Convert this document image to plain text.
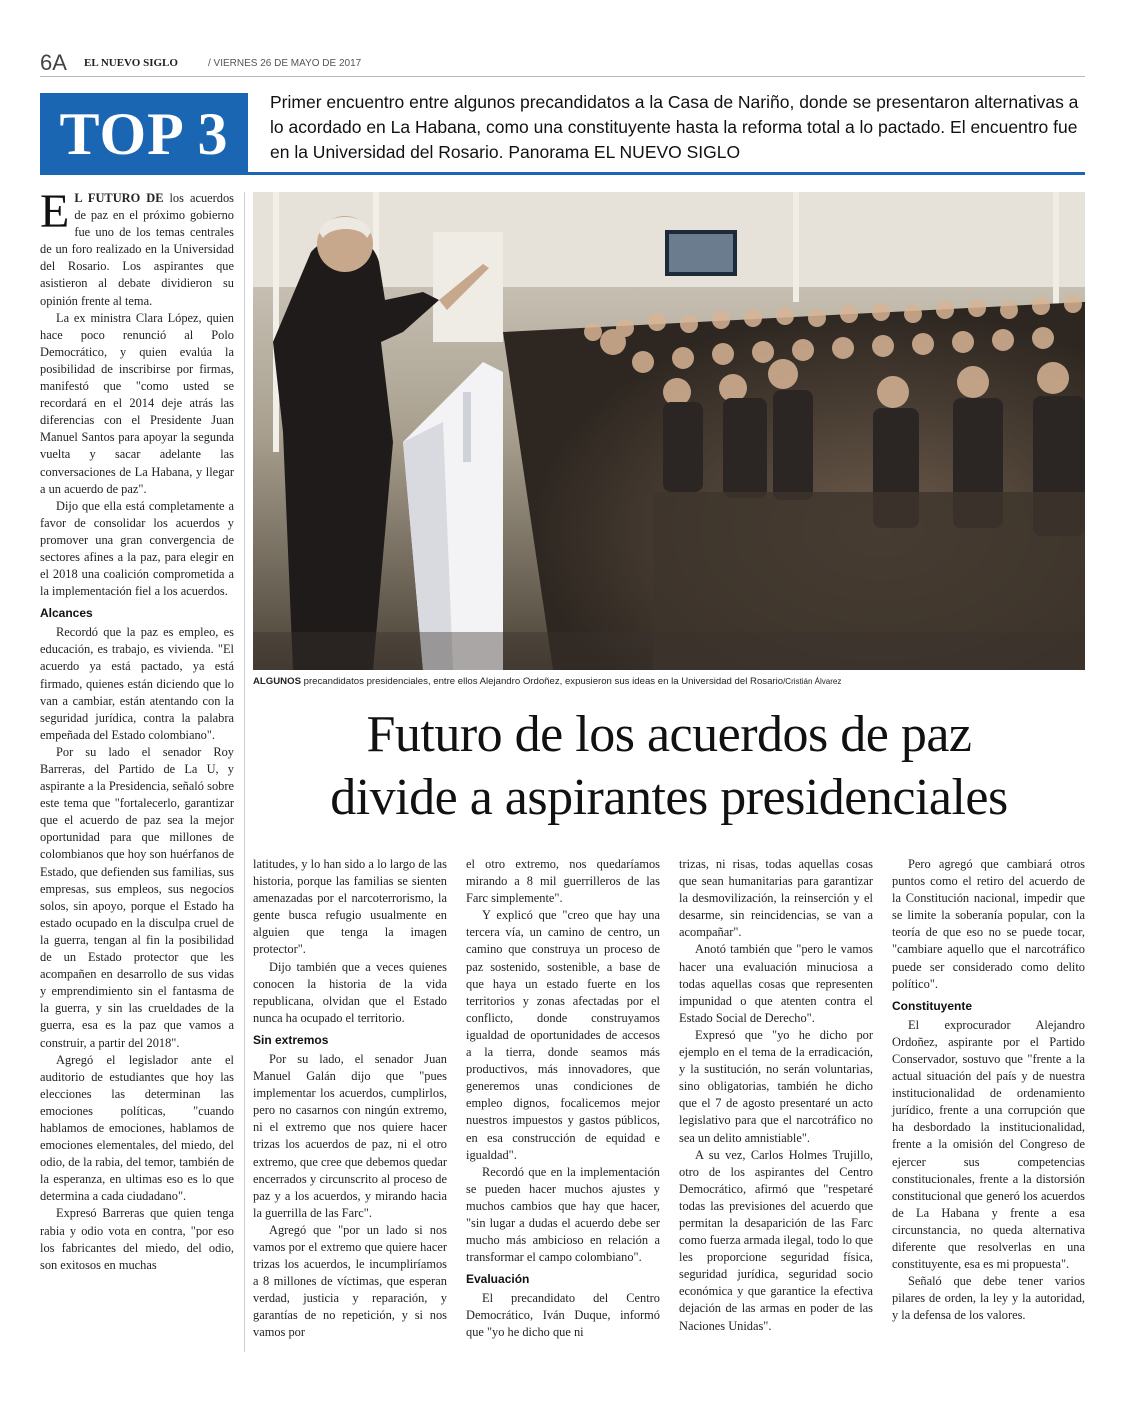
6A EL NUEVO SIGLO	/ VIERNES 26 DE MAYO DE 2017
TOP 3	Primer encuentro entre algunos precandidatos a la Casa de Nariño, donde se presentaron alternativas a lo acordado en La Habana, como una constituyente hasta la reforma total a lo pactado. El encuentro fue en la Universidad del Rosario. Panorama EL NUEVO SIGLO
ALGUNOS precandidatos presidenciales, entre ellos Alejandro Ordoñez, expusieron sus ideas en la Universidad del Rosario/Cristián Álvarez
Futuro de los acuerdos de paz
divide a aspirantes presidenciales

E L FUTURO DE los acuerdos de paz en el próximo gobierno fue uno de los temas centrales de un foro realizado en la Universidad del Rosario. Los aspirantes que asistieron al debate dividieron su opinión frente al tema.

La ex ministra Clara López, quien hace poco renunció al Polo Democrático, y quien evalúa la posibilidad de inscribirse por firmas, manifestó que "como usted se recordará en el 2014 deje atrás las diferencias con el Presidente Juan Manuel Santos para apoyar la segunda vuelta y sacar adelante las conversaciones de La Habana, y llegar a un acuerdo de paz".

Dijo que ella está completamente a favor de consolidar los acuerdos y promover una gran convergencia de sectores afines a la paz, para elegir en el 2018 una coalición comprometida a la implementación fiel a los acuerdos.

Alcances

Recordó que la paz es empleo, es educación, es trabajo, es vivienda. "El acuerdo ya está pactado, ya está firmado, quienes están diciendo que lo van a cambiar, están atentando con la seguridad jurídica, contra la palabra empeñada del Estado colombiano".

Por su lado el senador Roy Barreras, del Partido de La U, y aspirante a la Presidencia, señaló sobre este tema que "fortalecerlo, garantizar que el acuerdo de paz sea la mejor oportunidad para que millones de colombianos que hoy son huérfanos de Estado, que defienden sus familias, sus empresas, sus empleos, sus negocios solos, sin apoyo, porque el Estado ha estado ocupado en la disculpa cruel de la guerra, tengan al fin la posibilidad de un Estado protector que les acompañen en desarrollo de sus vidas y emprendimiento sin el fantasma de la guerra, y sin las crueldades de la guerra, esa es la paz que vamos a construir, a partir del 2018".

Agregó el legislador ante el auditorio de estudiantes que hoy las elecciones las determinan las emociones políticas, "cuando hablamos de emociones, hablamos de emociones elementales, del miedo, del odio, de la rabia, del temor, también de la esperanza, en ultimas eso es lo que determina a cada ciudadano".

Expresó Barreras que quien tenga rabia y odio vota en contra, "por eso los fabricantes del miedo, del odio, son exitosos en muchas

latitudes, y lo han sido a lo largo de las historia, porque las familias se sienten amenazadas por el narcoterrorismo, la gente busca refugio usualmente en alguien que tenga la imagen protector".

Dijo también que a veces quienes conocen la historia de la vida republicana, olvidan que el Estado nunca ha ocupado el territorio.

Sin extremos

Por su lado, el senador Juan Manuel Galán dijo que "pues implementar los acuerdos, cumplirlos, pero no casarnos con ningún extremo, ni el extremo que nos quiere hacer trizas los acuerdos de paz, ni el otro extremo, que cree que debemos quedar encerrados y circunscrito al proceso de paz y a los acuerdos, y mirando hacia la guerrilla de las Farc".

Agregó que "por un lado si nos vamos por el extremo que quiere hacer trizas los acuerdos, le incumpliríamos a 8 millones de víctimas, que esperan verdad, justicia y reparación, y garantías de no repetición, y si nos vamos por

el otro extremo, nos quedaríamos mirando a 8 mil guerrilleros de las Farc simplemente".

Y explicó que "creo que hay una tercera vía, un camino de centro, un camino que construya un proceso de paz sostenido, sostenible, a base de que haya un estado fuerte en los territorios y zonas afectadas por el conflicto, donde construyamos igualdad de oportunidades de accesos a la tierra, donde seamos más productivos, más innovadores, que generemos unas condiciones de empleo dignos, focalicemos mejor nuestros impuestos y gastos públicos, en esa construcción de equidad e igualdad".

Recordó que en la implementación se pueden hacer muchos ajustes y muchos cambios que hay que hacer, "sin lugar a dudas el acuerdo debe ser mucho más ambicioso en relación a transformar el campo colombiano".

Evaluación

El precandidato del Centro Democrático, Iván Duque, informó que "yo he dicho que ni

trizas, ni risas, todas aquellas cosas que sean humanitarias para garantizar la desmovilización, la reinserción y el desarme, sin reincidencias, se van a acompañar".

Anotó también que "pero le vamos hacer una evaluación minuciosa a todas aquellas cosas que representen impunidad o que atenten contra el Estado Social de Derecho".

Expresó que "yo he dicho por ejemplo en el tema de la erradicación, y la sustitución, no serán voluntarias, sino obligatorias, también he dicho que el 7 de agosto presentaré un acto legislativo para que el narcotráfico no sea un delito amnistiable".

A su vez, Carlos Holmes Trujillo, otro de los aspirantes del Centro Democrático, afirmó que "respetaré todas las previsiones del acuerdo que permitan la desaparición de las Farc como fuerza armada ilegal, todo lo que les proporcione seguridad física, seguridad jurídica, seguridad socio económica y que garantice la efectiva dejación de las armas en poder de las Naciones Unidas".

Pero agregó que cambiará otros puntos como el retiro del acuerdo de la Constitución nacional, impedir que se limite la soberanía popular, con la teoría de que eso no se puede tocar, "cambiare aquello que el narcotráfico puede ser considerado como delito político".

Constituyente

El exprocurador Alejandro Ordoñez, aspirante por el Partido Conservador, sostuvo que "frente a la actual situación del país y de nuestra institucionalidad de ordenamiento jurídico, frente a una corrupción que ha desbordado la institucionalidad, frente a la omisión del Congreso de ejercer sus competencias constitucionales, frente a la distorsión constitucional que generó los acuerdos de La Habana y frente a esa circunstancia, no queda alternativa diferente que resolverlas en una constituyente, esa es mi propuesta".

Señaló que debe tener varios pilares de orden, la ley y la autoridad, y la defensa de los valores.
